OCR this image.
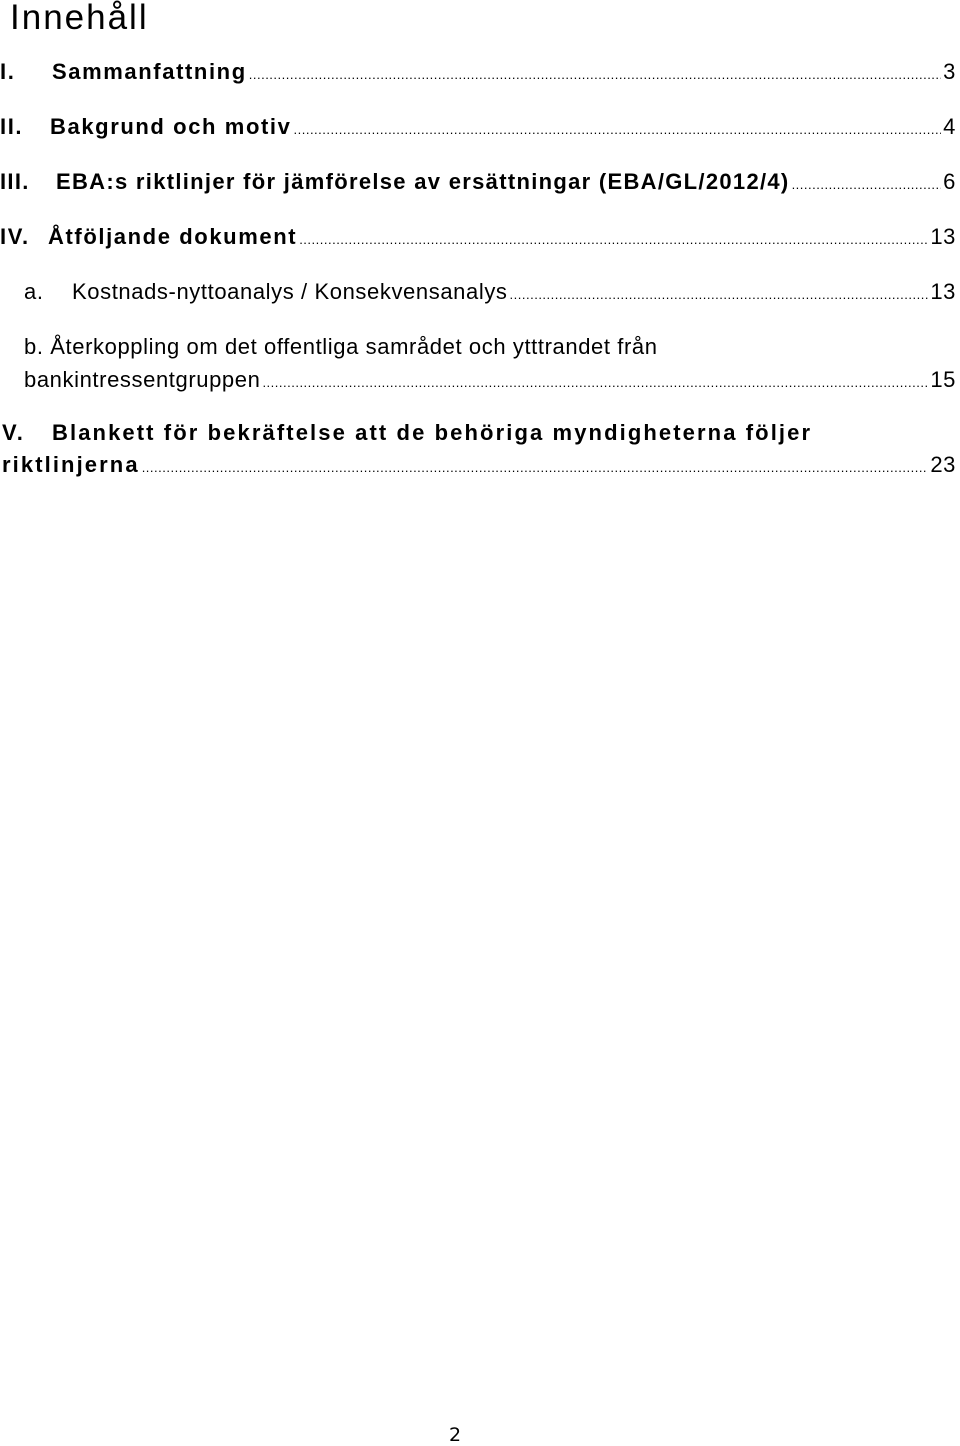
Innehåll
I.	Sammanfattning .....	3
II.	Bakgrund och motiv .....	4
III.	EBA:s riktlinjer för jämförelse av ersättningar (EBA/GL/2012/4) .....	6
IV. Åtföljande dokument .....	13
a.	Kostnads-nyttoanalys / Konsekvensanalys .....	13
b. Återkoppling om det offentliga samrådet och ytttrandet från
bankintressentgruppen .....	15
V. Blankett för bekräftelse att de behöriga myndigheterna följer
riktlinjerna .....	23
2
